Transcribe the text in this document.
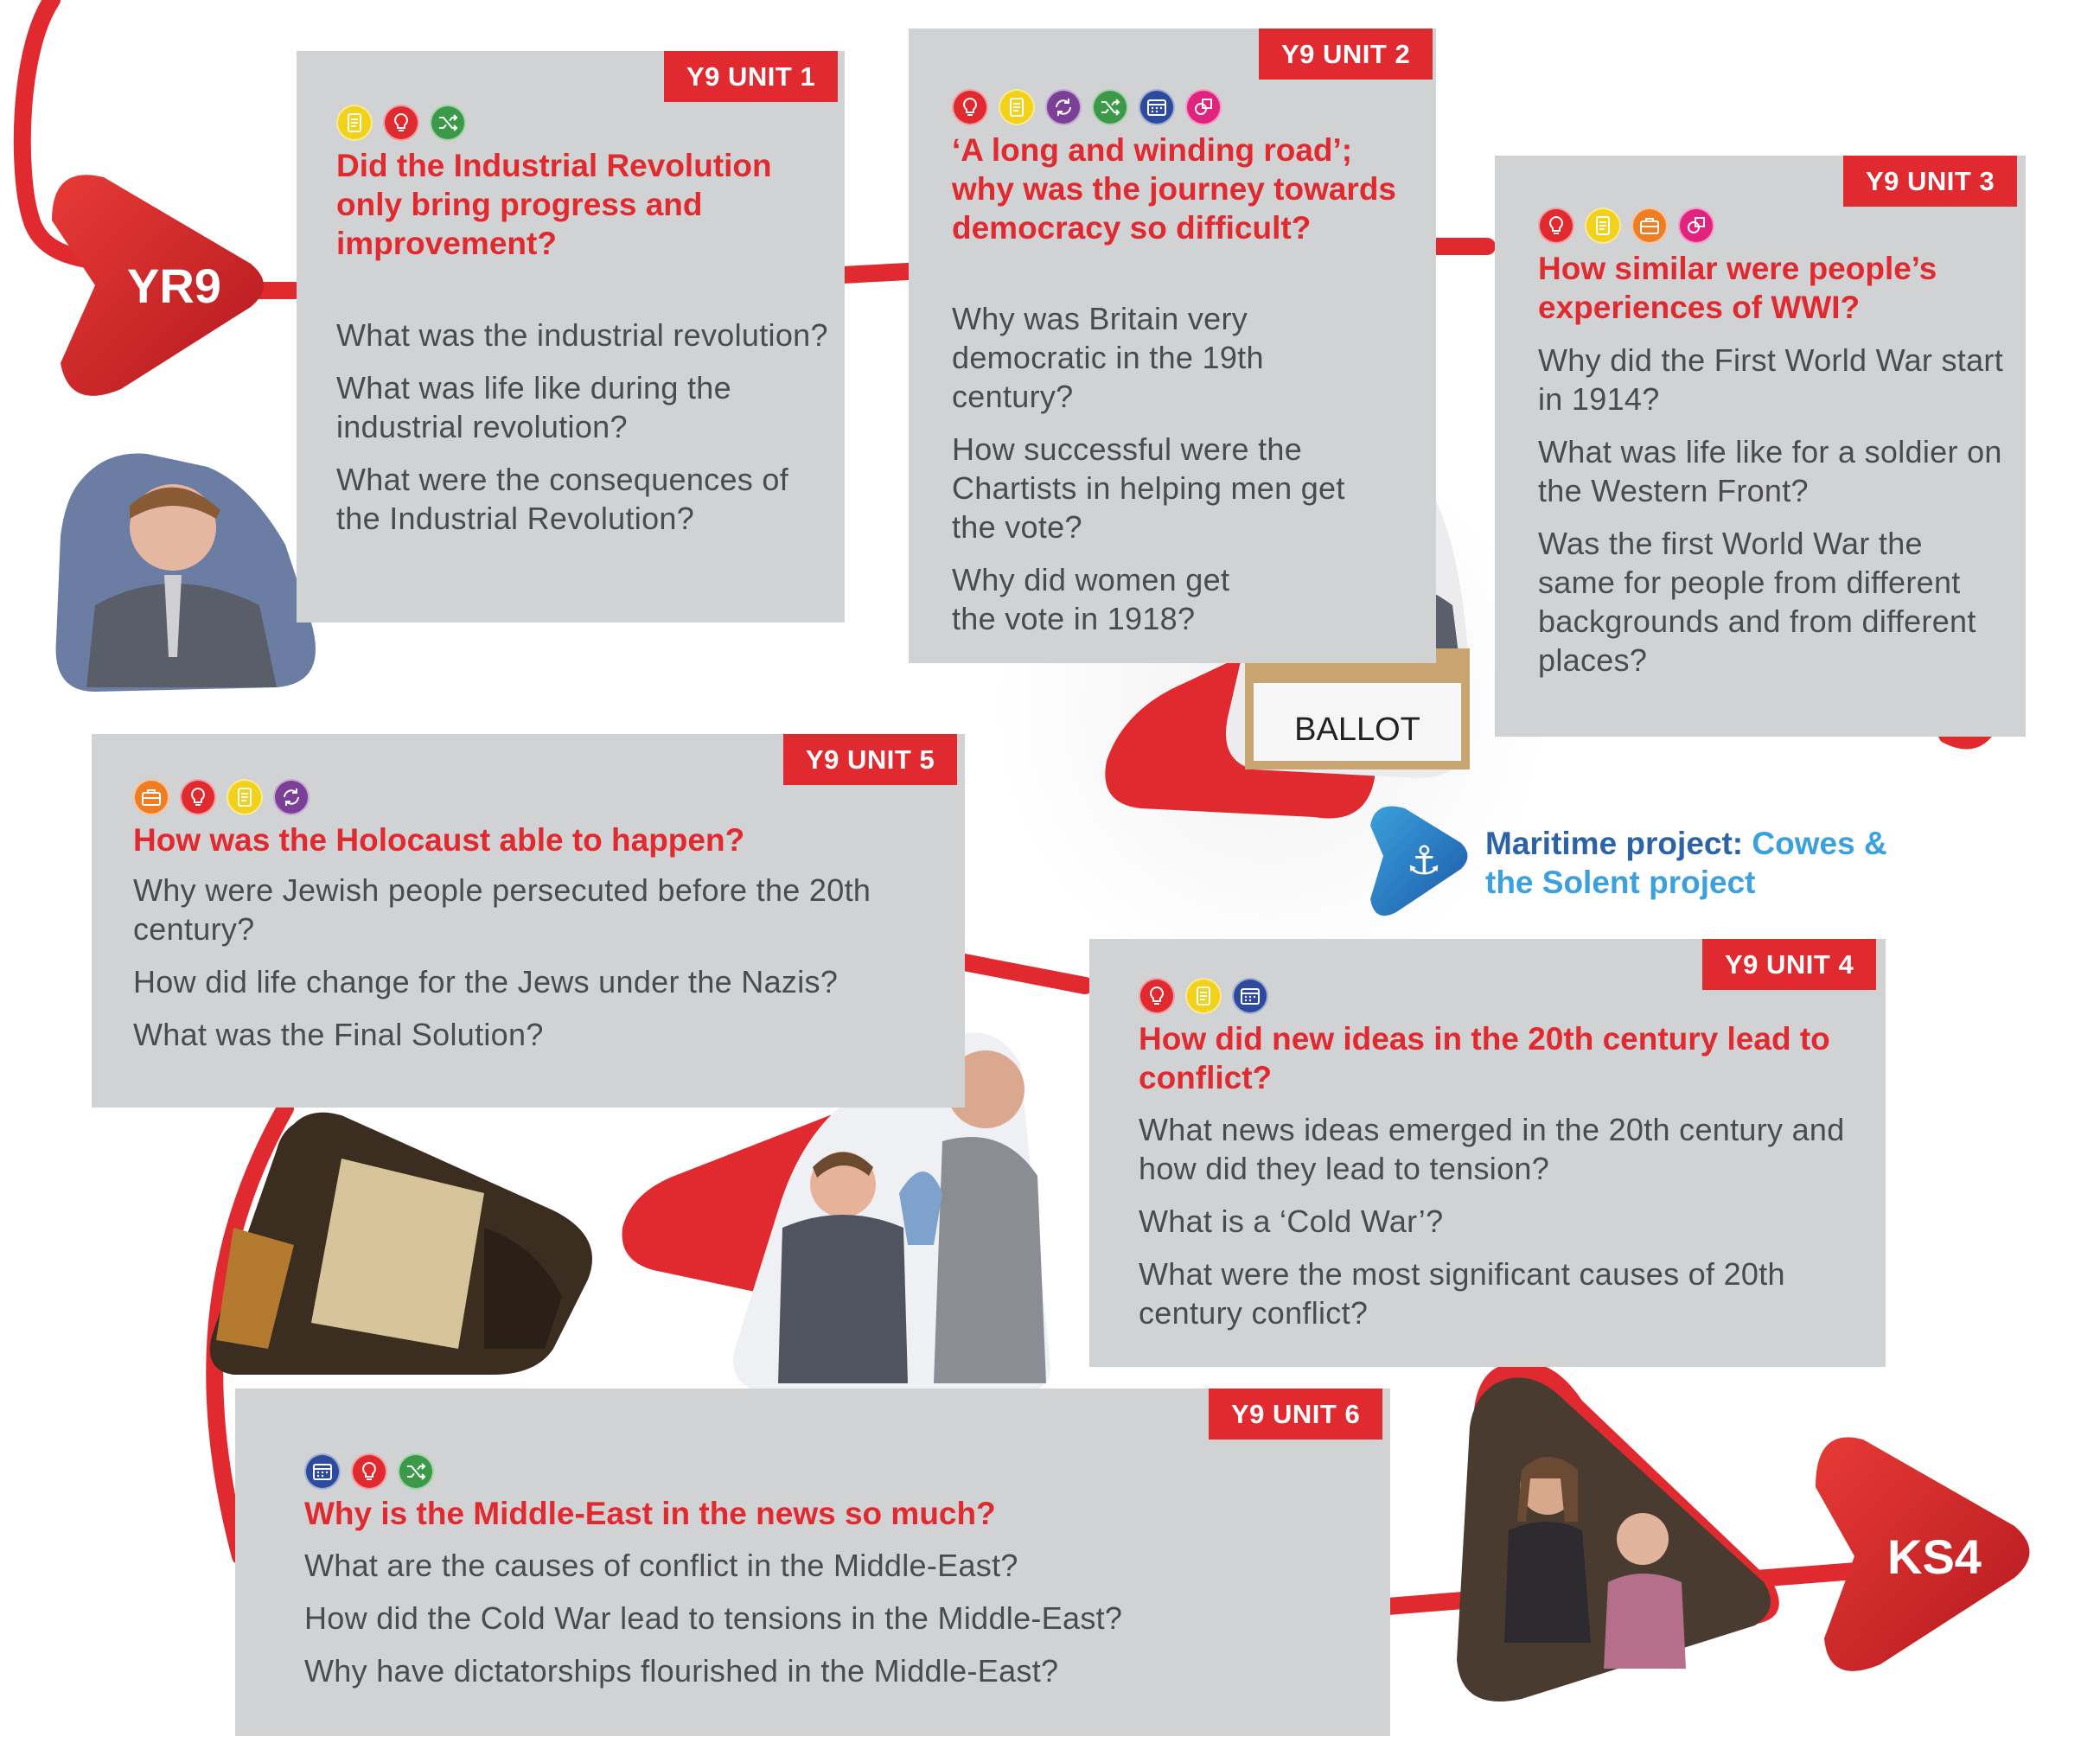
BALLOT
YR9
KS4
⚓ Maritime project: Cowes &
the Solent project
Y9 UNIT 1
Did the Industrial Revolution only bring progress and improvement?
What was the industrial revolution?
What was life like during the industrial revolution?
What were the consequences of the Industrial Revolution?
Y9 UNIT 2
‘A long and winding road’; why was the journey towards democracy so difficult?
Why was Britain very democratic in the 19th century?
How successful were the Chartists in helping men get the vote?
Why did women get the vote in 1918?
Y9 UNIT 3
How similar were people’s experiences of WWI?
Why did the First World War start in 1914?
What was life like for a soldier on the Western Front?
Was the first World War the same for people from different backgrounds and from different places?
Y9 UNIT 5
How was the Holocaust able to happen?
Why were Jewish people persecuted before the 20th century?
How did life change for the Jews under the Nazis?
What was the Final Solution?
Y9 UNIT 4
How did new ideas in the 20th century lead to conflict?
What news ideas emerged in the 20th century and how did they lead to tension?
What is a ‘Cold War’?
What were the most significant causes of 20th century conflict?
Y9 UNIT 6
Why is the Middle-East in the news so much?
What are the causes of conflict in the Middle-East?
How did the Cold War lead to tensions in the Middle-East?
Why have dictatorships flourished in the Middle-East?
